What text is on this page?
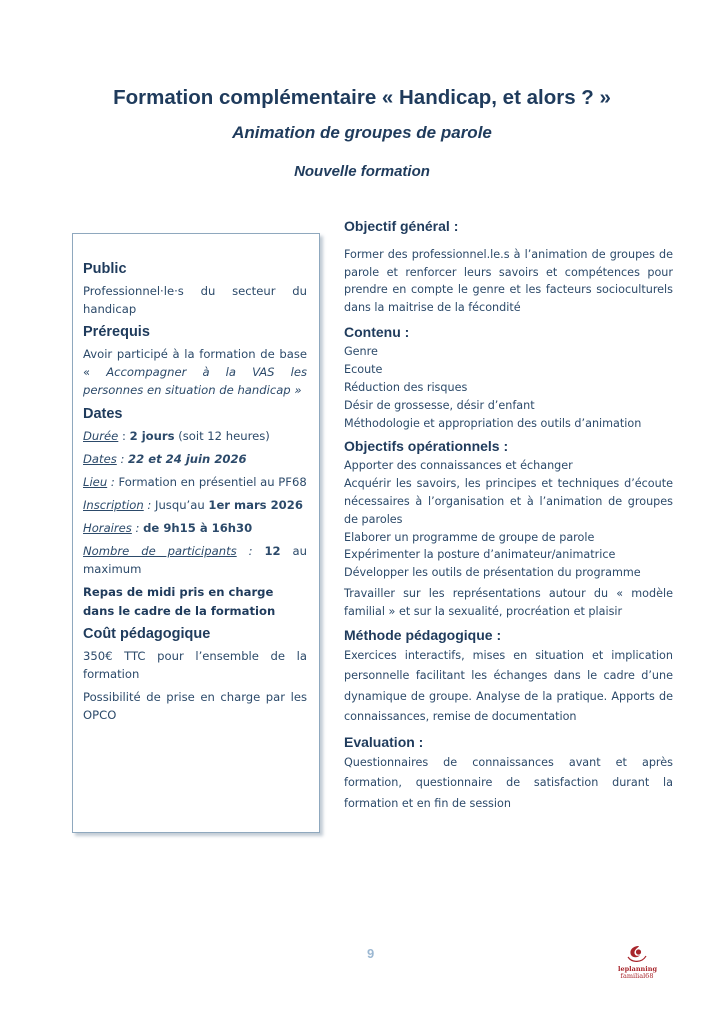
Formation complémentaire « Handicap, et alors ? »
Animation de groupes de parole
Nouvelle formation
Public

Professionnel·le·s du secteur du handicap

Prérequis

Avoir participé à la formation de base « Accompagner à la VAS les personnes en situation de handicap »

Dates

Durée : 2 jours (soit 12 heures)

Dates : 22 et 24 juin 2026

Lieu : Formation en présentiel au PF68

Inscription : Jusqu’au 1er mars 2026

Horaires : de 9h15 à 16h30

Nombre de participants : 12 au maximum

Repas de midi pris en charge dans le cadre de la formation

Coût pédagogique

350€ TTC pour l’ensemble de la formation

Possibilité de prise en charge par les OPCO

Objectif général :

Former des professionnel.le.s à l’animation de groupes de parole et renforcer leurs savoirs et compétences pour prendre en compte le genre et les facteurs socioculturels dans la maitrise de la fécondité

Contenu :
Genre
Ecoute
Réduction des risques
Désir de grossesse, désir d’enfant
Méthodologie et appropriation des outils d’animation
Objectifs opérationnels :
Apporter des connaissances et échanger
Acquérir les savoirs, les principes et techniques d’écoute nécessaires à l’organisation et à l’animation de groupes de paroles
Elaborer un programme de groupe de parole
Expérimenter la posture d’animateur/animatrice
Développer les outils de présentation du programme
Travailler sur les représentations autour du « modèle familial » et sur la sexualité, procréation et plaisir
Méthode pédagogique :

Exercices interactifs, mises en situation et implication personnelle facilitant les échanges dans le cadre d’une dynamique de groupe. Analyse de la pratique. Apports de connaissances, remise de documentation

Evaluation :

Questionnaires de connaissances avant et après formation, questionnaire de satisfaction durant la formation et en fin de session

9
leplanning
familial68
